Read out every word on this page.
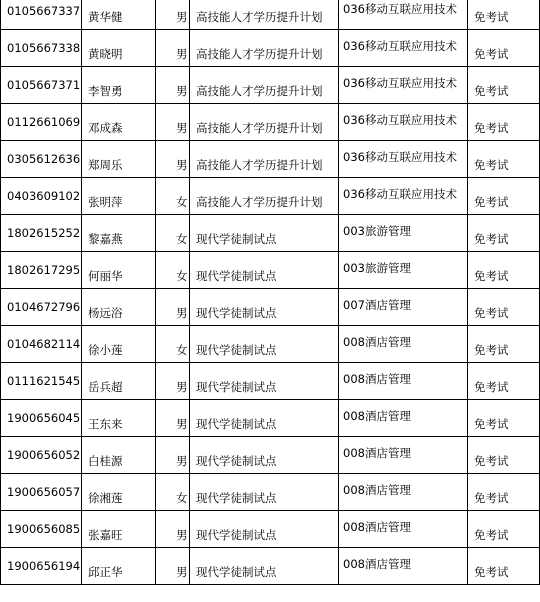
0105667337	黄华健	男	高技能人才学历提升计划	036移动互联应用技术	免考试
0105667338	黄晓明	男	高技能人才学历提升计划	036移动互联应用技术	免考试
0105667371	李智勇	男	高技能人才学历提升计划	036移动互联应用技术	免考试
0112661069	邓成森	男	高技能人才学历提升计划	036移动互联应用技术	免考试
0305612636	郑周乐	男	高技能人才学历提升计划	036移动互联应用技术	免考试
0403609102	张明萍	女	高技能人才学历提升计划	036移动互联应用技术	免考试
1802615252	黎嘉燕	女	现代学徒制试点	003旅游管理	免考试
1802617295	何丽华	女	现代学徒制试点	003旅游管理	免考试
0104672796	杨远浴	男	现代学徒制试点	007酒店管理	免考试
0104682114	徐小莲	女	现代学徒制试点	008酒店管理	免考试
0111621545	岳兵超	男	现代学徒制试点	008酒店管理	免考试
1900656045	王东来	男	现代学徒制试点	008酒店管理	免考试
1900656052	白桂源	男	现代学徒制试点	008酒店管理	免考试
1900656057	徐湘莲	女	现代学徒制试点	008酒店管理	免考试
1900656085	张嘉旺	男	现代学徒制试点	008酒店管理	免考试
1900656194	邱正华	男	现代学徒制试点	008酒店管理	免考试
